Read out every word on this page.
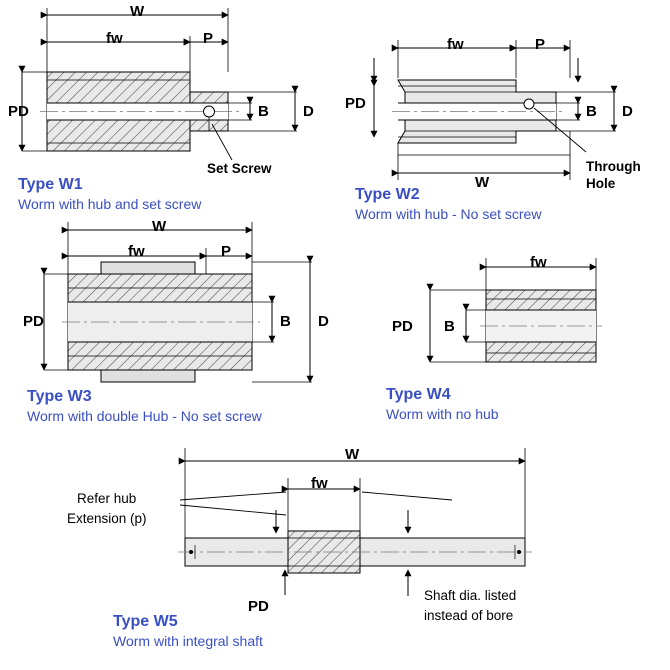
W
fw	P
PD	B D
Set Screw
Type W1
Worm with hub and set screw
fw	P
PD	B D
W
Through
Hole
Type W2
Worm with hub - No set screw
W
fw	P
PD	B D
Type W3
Worm with double Hub - No set screw
fw
PD B
Type W4
Worm with no hub
W
fw
Refer hub
Extension (p)
PD
Shaft dia. listed
instead of bore
Type W5
Worm with integral shaft
